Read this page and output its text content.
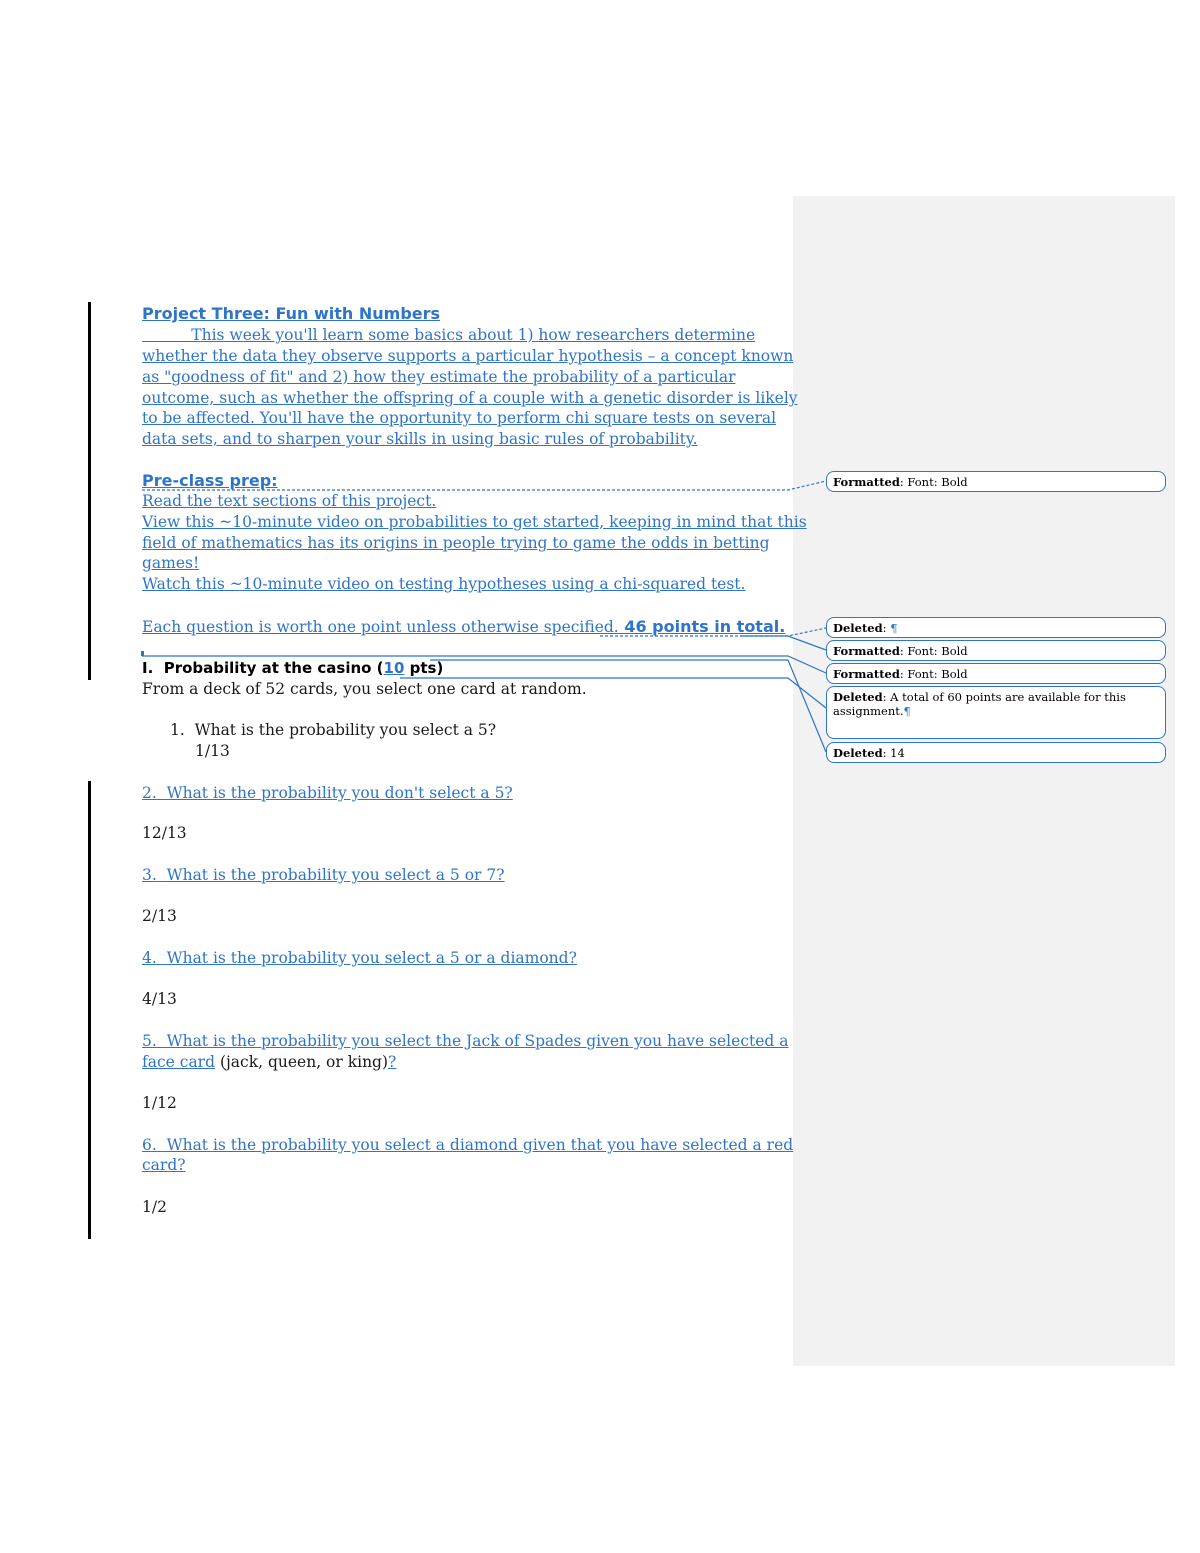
Project Three: Fun with Numbers
This week you'll learn some basics about 1) how researchers determine
whether the data they observe supports a particular hypothesis – a concept known
as "goodness of fit" and 2) how they estimate the probability of a particular
outcome, such as whether the offspring of a couple with a genetic disorder is likely
to be affected. You'll have the opportunity to perform chi square tests on several
data sets, and to sharpen your skills in using basic rules of probability.
Pre-class prep:
Read the text sections of this project.
View this ~10-minute video on probabilities to get started, keeping in mind that this
field of mathematics has its origins in people trying to game the odds in betting
games!
Watch this ~10-minute video on testing hypotheses using a chi-squared test.
Each question is worth one point unless otherwise specified. 46 points in total.
I. Probability at the casino (10 pts)
From a deck of 52 cards, you select one card at random.
1. What is the probability you select a 5?
1/13
2. What is the probability you don't select a 5?
12/13
3. What is the probability you select a 5 or 7?
2/13
4. What is the probability you select a 5 or a diamond?
4/13
5. What is the probability you select the Jack of Spades given you have selected a
face card (jack, queen, or king)?
1/12
6. What is the probability you select a diamond given that you have selected a red
card?
1/2
Formatted: Font: Bold
Deleted: ¶
Formatted: Font: Bold
Formatted: Font: Bold
Deleted: A total of 60 points are available for this assignment.¶
Deleted: 14
